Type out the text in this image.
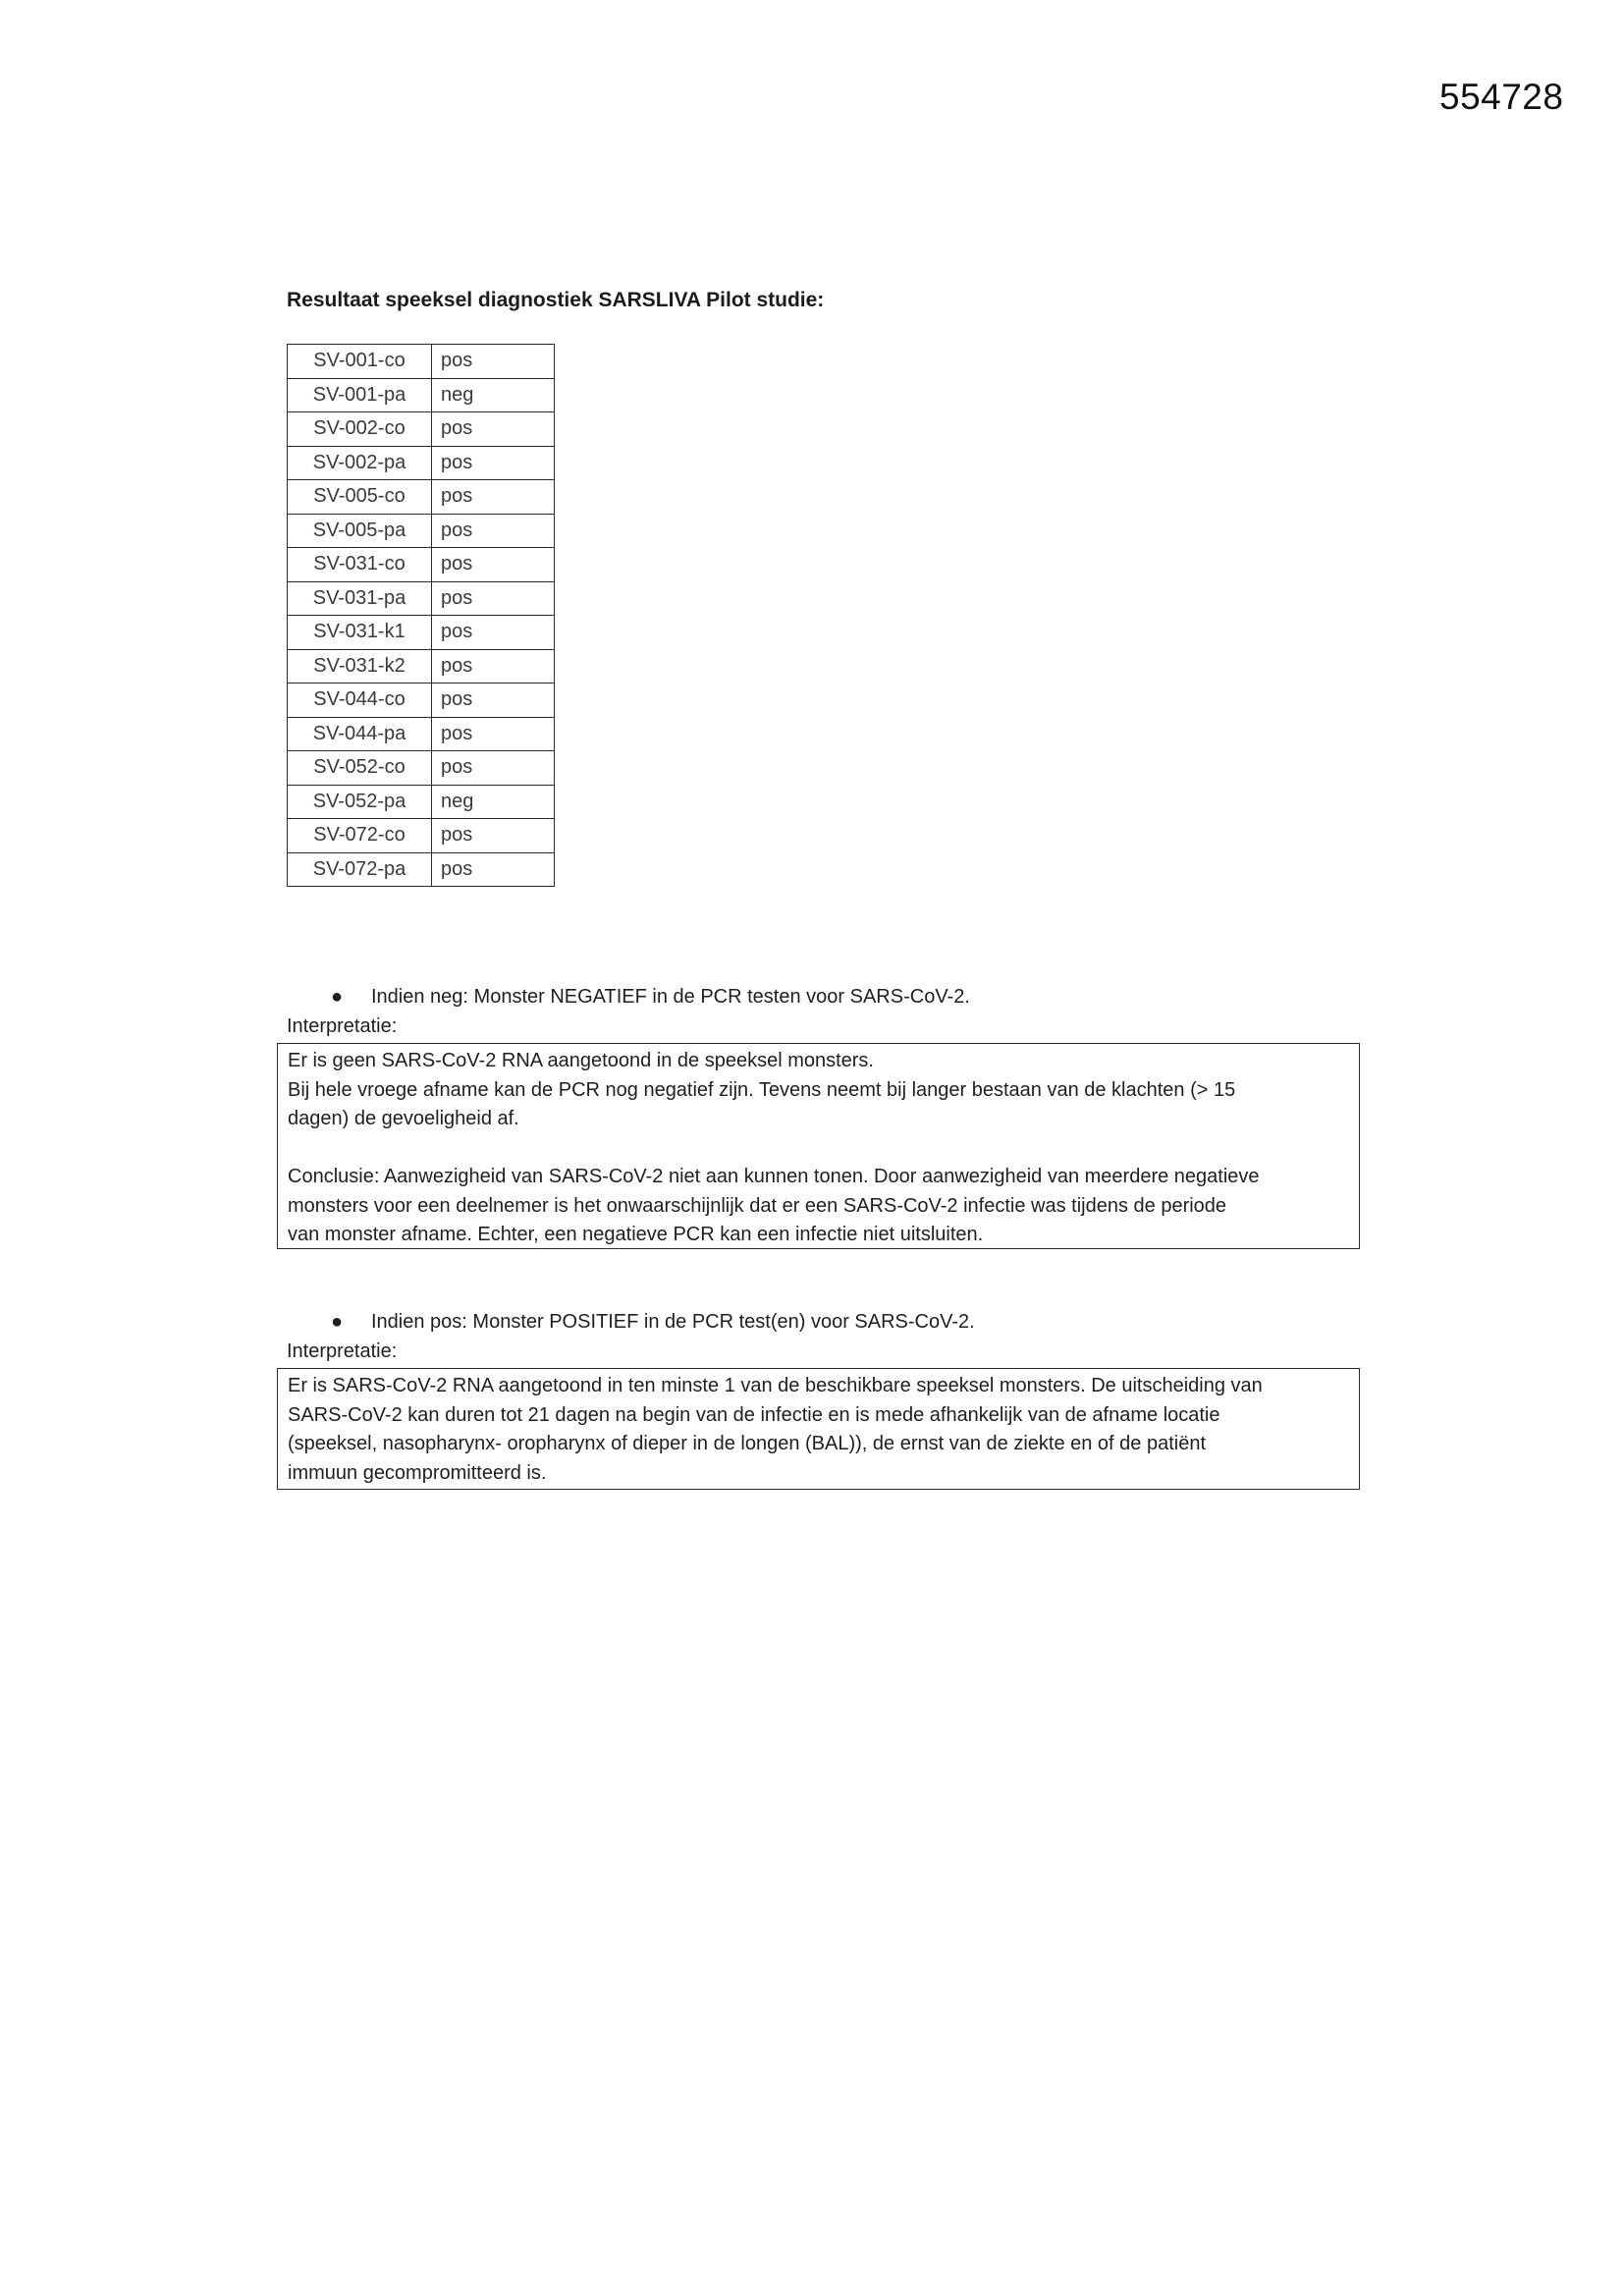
554728
Resultaat speeksel diagnostiek SARSLIVA Pilot studie:
SV-001-co	pos
SV-001-pa	neg
SV-002-co	pos
SV-002-pa	pos
SV-005-co	pos
SV-005-pa	pos
SV-031-co	pos
SV-031-pa	pos
SV-031-k1	pos
SV-031-k2	pos
SV-044-co	pos
SV-044-pa	pos
SV-052-co	pos
SV-052-pa	neg
SV-072-co	pos
SV-072-pa	pos
● Indien neg: Monster NEGATIEF in de PCR testen voor SARS-CoV-2.
Interpretatie:

Er is geen SARS-CoV-2 RNA aangetoond in de speeksel monsters.

Bij hele vroege afname kan de PCR nog negatief zijn. Tevens neemt bij langer bestaan van de klachten (> 15

dagen) de gevoeligheid af.

Conclusie: Aanwezigheid van SARS-CoV-2 niet aan kunnen tonen. Door aanwezigheid van meerdere negatieve

monsters voor een deelnemer is het onwaarschijnlijk dat er een SARS-CoV-2 infectie was tijdens de periode

van monster afname. Echter, een negatieve PCR kan een infectie niet uitsluiten.

● Indien pos: Monster POSITIEF in de PCR test(en) voor SARS-CoV-2.
Interpretatie:

Er is SARS-CoV-2 RNA aangetoond in ten minste 1 van de beschikbare speeksel monsters. De uitscheiding van

SARS-CoV-2 kan duren tot 21 dagen na begin van de infectie en is mede afhankelijk van de afname locatie

(speeksel, nasopharynx- oropharynx of dieper in de longen (BAL)), de ernst van de ziekte en of de patiënt

immuun gecompromitteerd is.
